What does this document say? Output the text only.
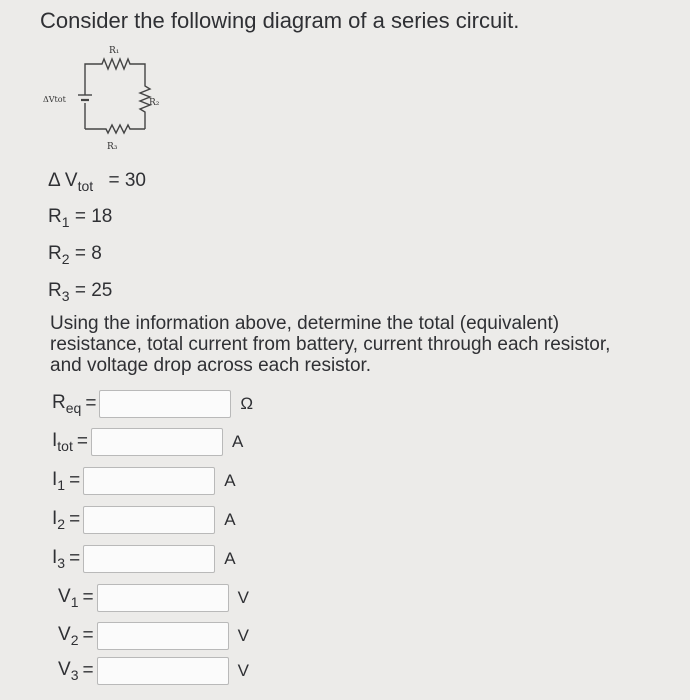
Consider the following diagram of a series circuit.
R₁
R₂
R₃
ΔVtot
Δ $V_{tot} = 30$
$R_1 = 18$
$R_2 = 8$
$R_3 = 25$
Using the information above, determine the total (equivalent) resistance, total current from battery, current through each resistor, and voltage drop across each resistor.
$R_{eq}$ =	Ω
$I_{tot}$ =	A
$I_1$ =	A
$I_2$ =	A
$I_3$ =	A
$V_1$ =	V
$V_2$ =	V
$V_3$ =	V
